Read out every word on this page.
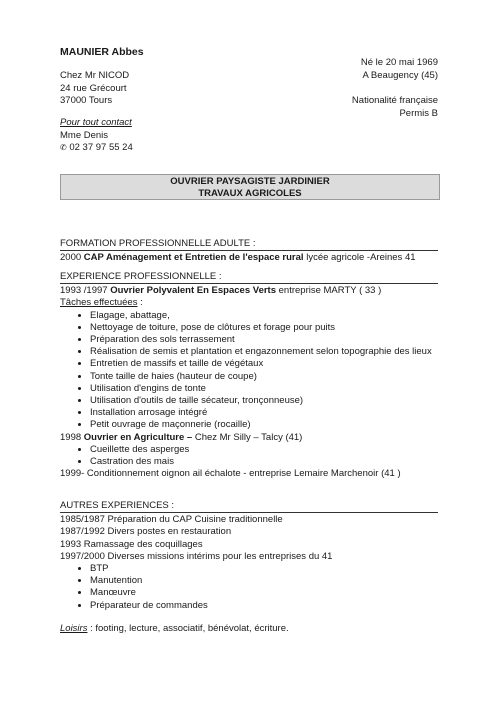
MAUNIER Abbes
Chez Mr NICOD
24 rue Grécourt
37000 Tours
Né le 20 mai 1969
A Beaugency (45)
Nationalité française
Permis B
Pour tout contact
Mme Denis
✆ 02 37 97 55 24
OUVRIER PAYSAGISTE JARDINIER
TRAVAUX AGRICOLES
FORMATION PROFESSIONNELLE ADULTE :
2000 CAP Aménagement et Entretien de l'espace rural lycée agricole -Areines 41
EXPERIENCE PROFESSIONNELLE :
1993 /1997 Ouvrier Polyvalent En Espaces Verts entreprise MARTY ( 33 )
Tâches effectuées :
• Elagage, abattage,
• Nettoyage de toiture, pose de clôtures et forage pour puits
• Préparation des sols terrassement
• Réalisation de semis et plantation et engazonnement selon topographie des lieux
• Entretien de massifs et taille de végétaux
• Tonte taille de haies (hauteur de coupe)
• Utilisation d'engins de tonte
• Utilisation d'outils de taille sécateur, tronçonneuse)
• Installation arrosage intégré
• Petit ouvrage de maçonnerie (rocaille)
1998 Ouvrier en Agriculture – Chez Mr Silly – Talcy (41)
• Cueillette des asperges
• Castration des mais
1999- Conditionnement oignon ail échalote - entreprise Lemaire Marchenoir (41 )
AUTRES EXPERIENCES :
1985/1987 Préparation du CAP Cuisine traditionnelle
1987/1992 Divers postes en restauration
1993 Ramassage des coquillages
1997/2000 Diverses missions intérims pour les entreprises du 41
• BTP
• Manutention
• Manœuvre
• Préparateur de commandes
Loisirs : footing, lecture, associatif, bénévolat, écriture.
